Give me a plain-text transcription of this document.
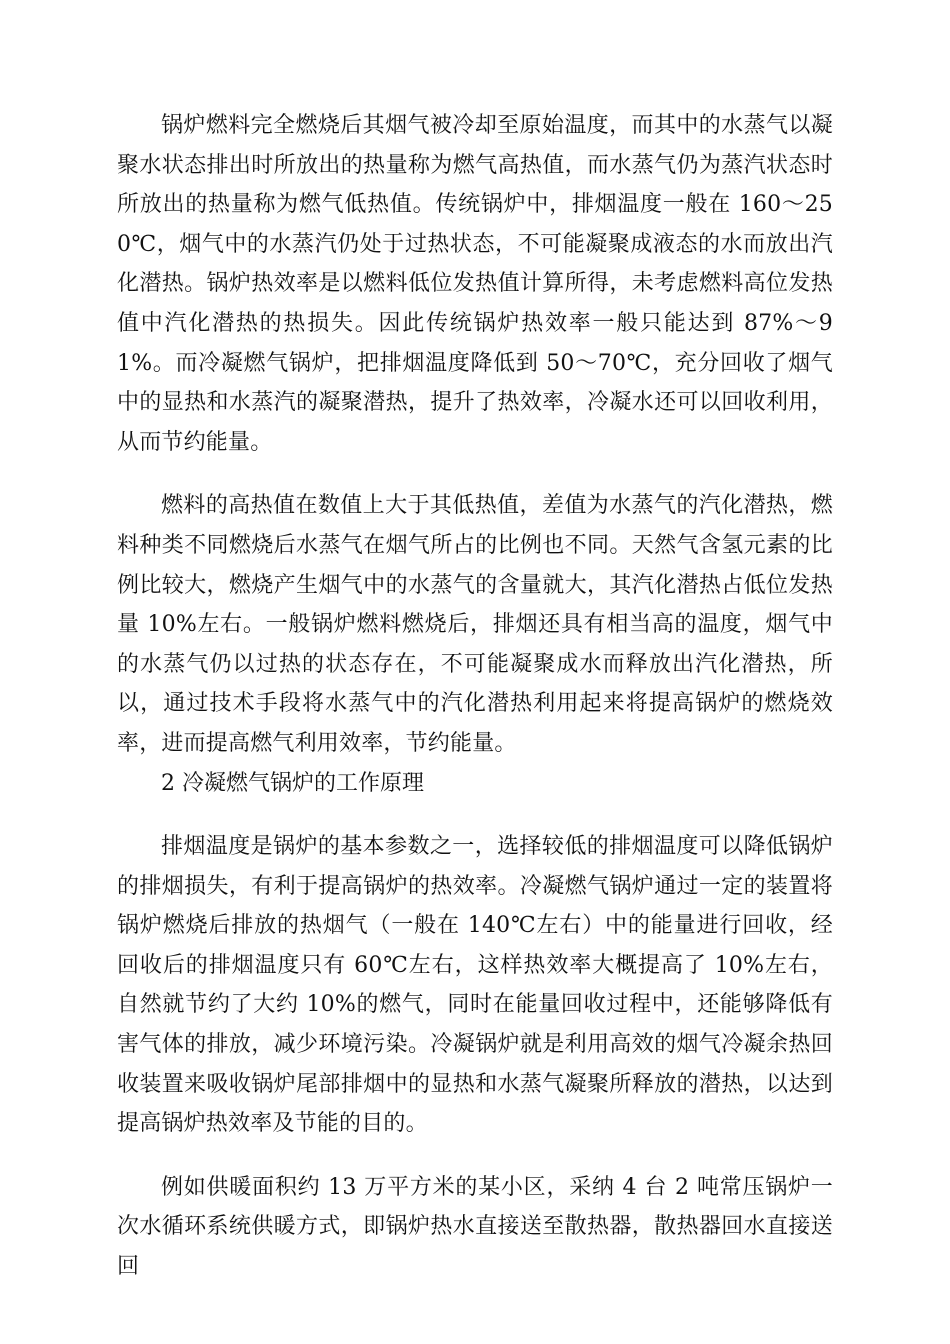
锅炉燃料完全燃烧后其烟气被冷却至原始温度，而其中的水蒸气以凝聚水状态排出时所放出的热量称为燃气高热值，而水蒸气仍为蒸汽状态时所放出的热量称为燃气低热值。传统锅炉中，排烟温度一般在 160～250℃，烟气中的水蒸汽仍处于过热状态，不可能凝聚成液态的水而放出汽化潜热。锅炉热效率是以燃料低位发热值计算所得，未考虑燃料高位发热值中汽化潜热的热损失。因此传统锅炉热效率一般只能达到 87%～91%。而冷凝燃气锅炉，把排烟温度降低到 50～70℃，充分回收了烟气中的显热和水蒸汽的凝聚潜热，提升了热效率，冷凝水还可以回收利用，从而节约能量。

燃料的高热值在数值上大于其低热值，差值为水蒸气的汽化潜热，燃料种类不同燃烧后水蒸气在烟气所占的比例也不同。天然气含氢元素的比例比较大，燃烧产生烟气中的水蒸气的含量就大，其汽化潜热占低位发热量 10%左右。一般锅炉燃料燃烧后，排烟还具有相当高的温度，烟气中的水蒸气仍以过热的状态存在，不可能凝聚成水而释放出汽化潜热，所以，通过技术手段将水蒸气中的汽化潜热利用起来将提高锅炉的燃烧效率，进而提高燃气利用效率，节约能量。

2 冷凝燃气锅炉的工作原理

排烟温度是锅炉的基本参数之一，选择较低的排烟温度可以降低锅炉的排烟损失，有利于提高锅炉的热效率。冷凝燃气锅炉通过一定的装置将锅炉燃烧后排放的热烟气（一般在 140℃左右）中的能量进行回收，经回收后的排烟温度只有 60℃左右，这样热效率大概提高了 10%左右，自然就节约了大约 10%的燃气，同时在能量回收过程中，还能够降低有害气体的排放，减少环境污染。冷凝锅炉就是利用高效的烟气冷凝余热回收装置来吸收锅炉尾部排烟中的显热和水蒸气凝聚所释放的潜热，以达到提高锅炉热效率及节能的目的。

例如供暖面积约 13 万平方米的某小区，采纳 4 台 2 吨常压锅炉一次水循环系统供暖方式，即锅炉热水直接送至散热器，散热器回水直接送回
